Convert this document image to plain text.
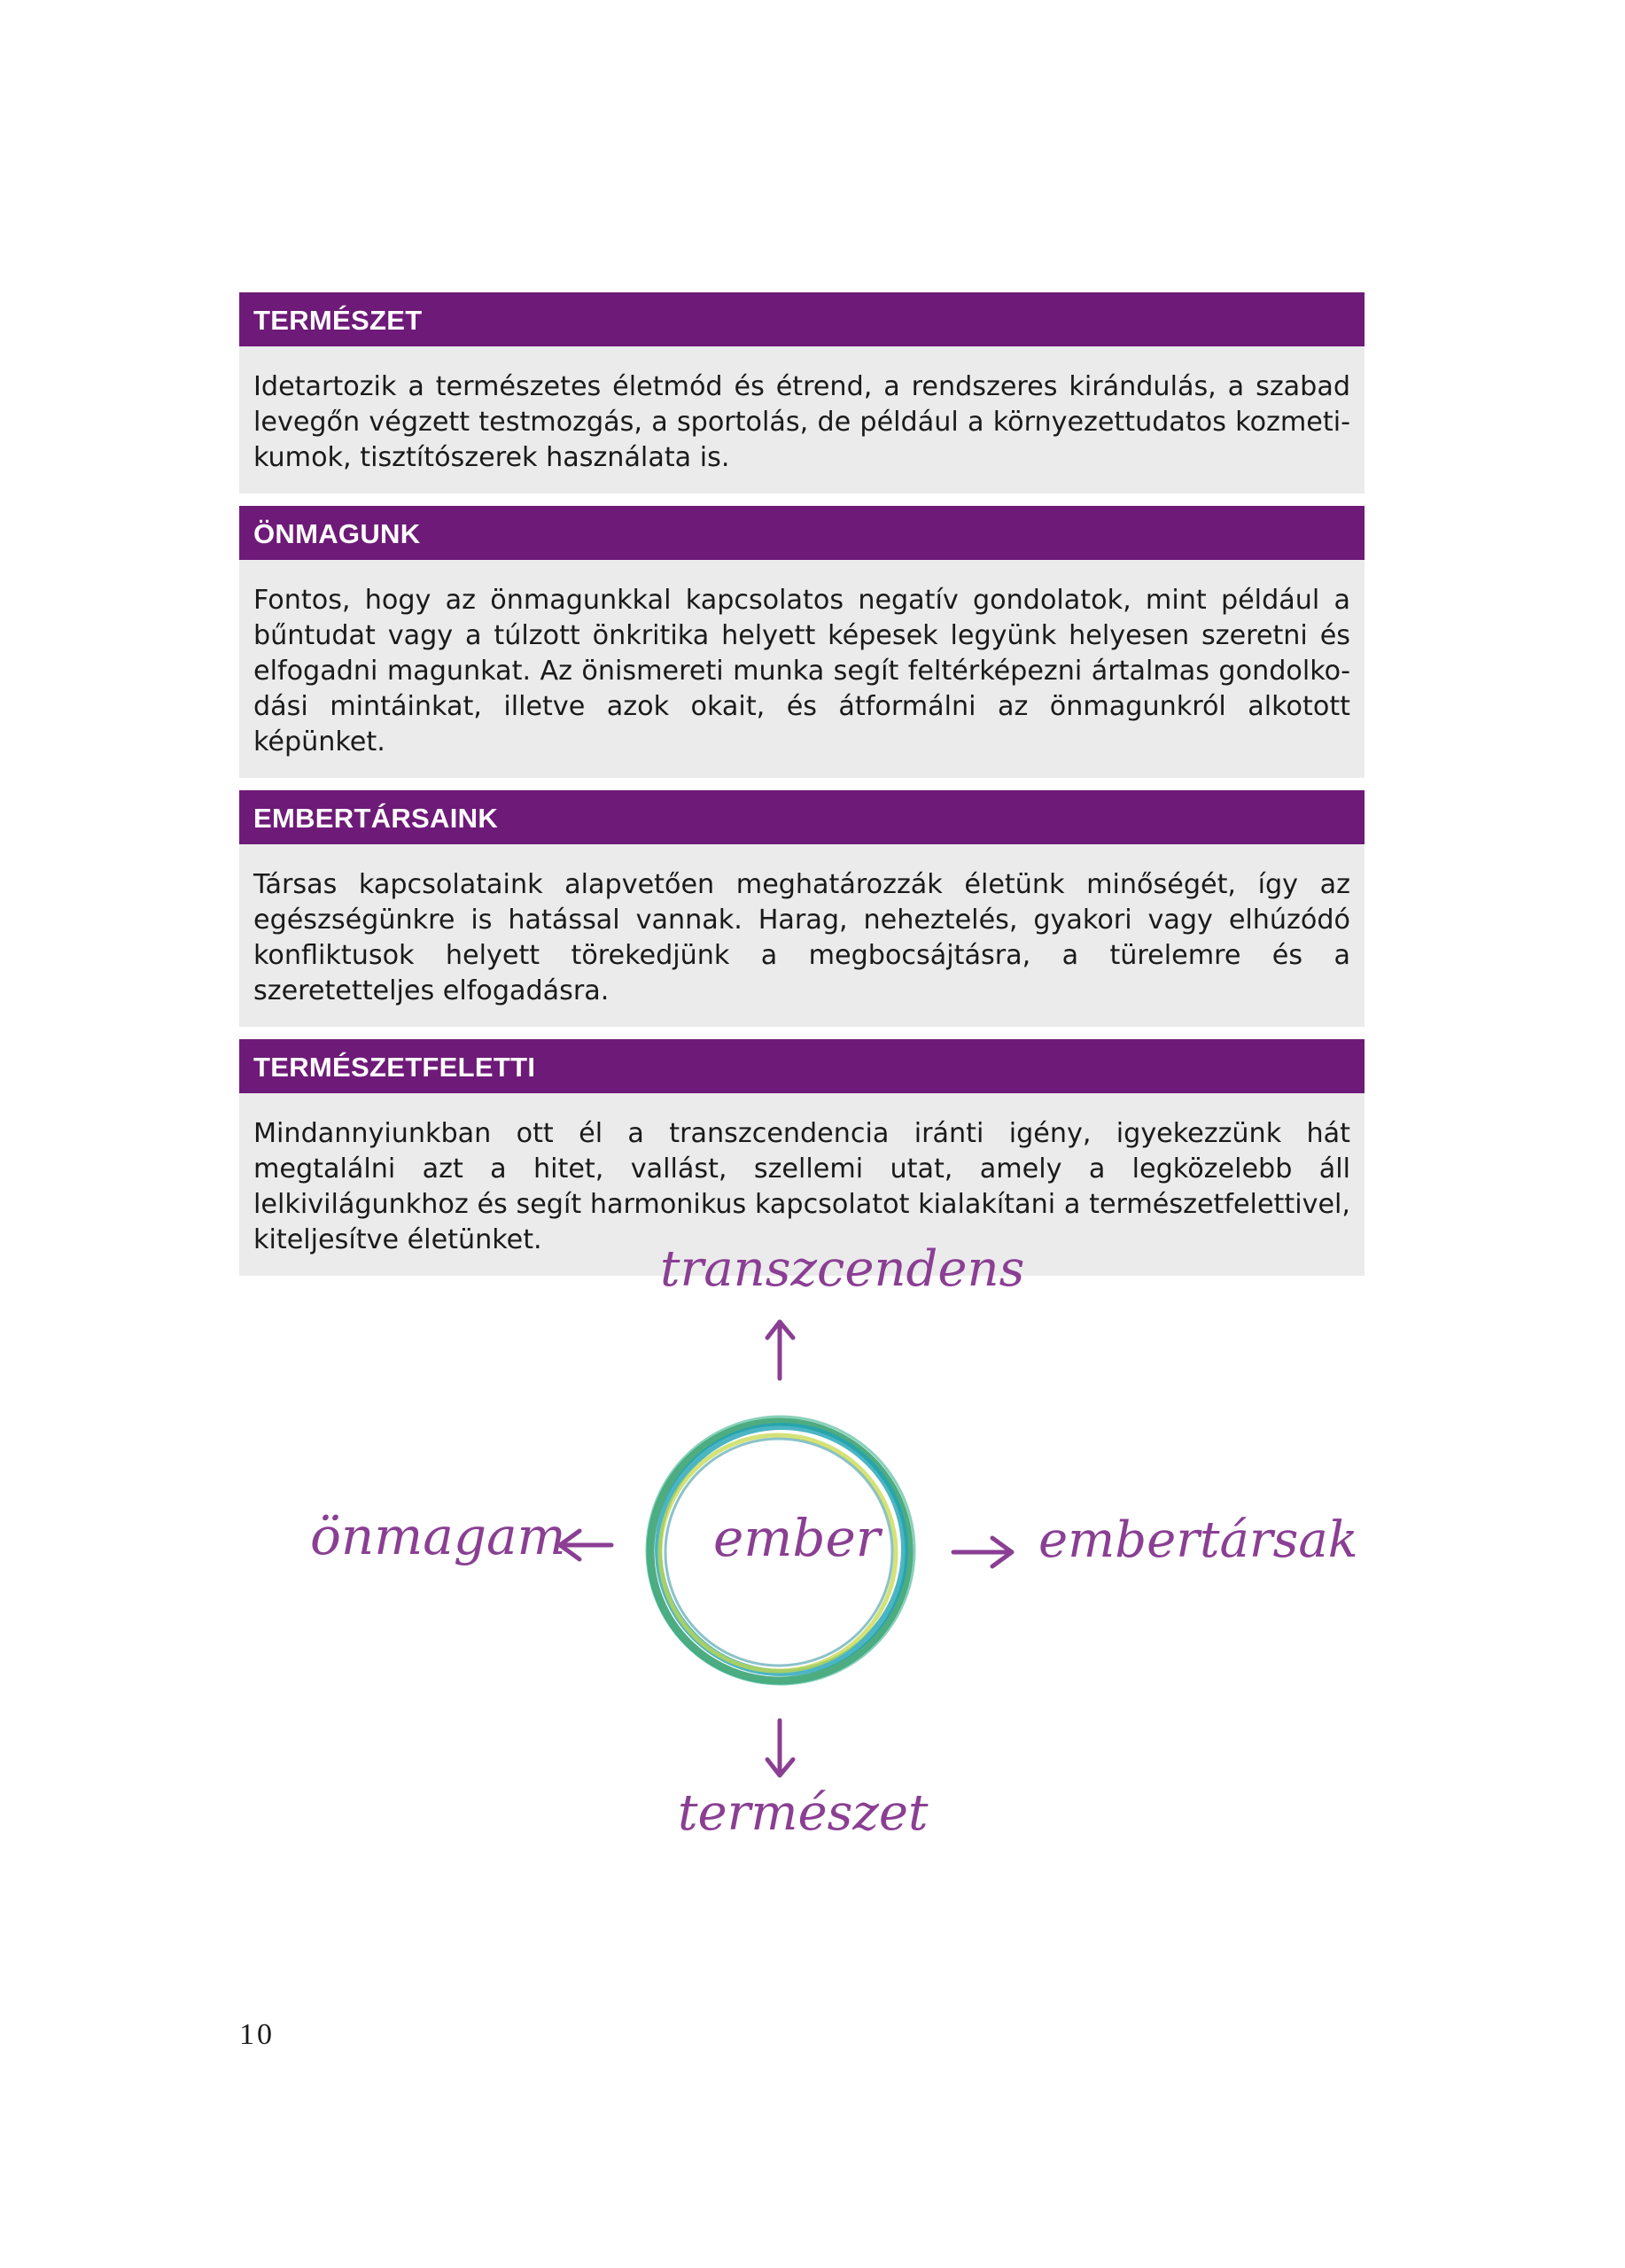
TERMÉSZET
Idetartozik a természetes életmód és étrend, a rendszeres kirándulás, a szabad levegőn végzett testmozgás, a sportolás, de például a környezettudatos kozmetikumok, tisztítószerek használata is.
ÖNMAGUNK
Fontos, hogy az önmagunkkal kapcsolatos negatív gondolatok, mint például a bűntudat vagy a túlzott önkritika helyett képesek legyünk helyesen szeretni és elfogadni magunkat. Az önismereti munka segít feltérképezni ártalmas gondolkodási mintáinkat, illetve azok okait, és átformálni az önmagunkról alkotott képünket.
EMBERTÁRSAINK
Társas kapcsolataink alapvetően meghatározzák életünk minőségét, így az egészségünkre is hatással vannak. Harag, neheztelés, gyakori vagy elhúzódó konfliktusok helyett törekedjünk a megbocsájtásra, a türelemre és a szeretetteljes elfogadásra.
TERMÉSZETFELETTI
Mindannyiunkban ott él a transzcendencia iránti igény, igyekezzünk hát megtalálni azt a hitet, vallást, szellemi utat, amely a legközelebb áll lelkivilágunkhoz és segít harmonikus kapcsolatot kialakítani a természetfelettivel, kiteljesítve életünket.
transzcendens
önmagam	ember	embertársak
természet
10
